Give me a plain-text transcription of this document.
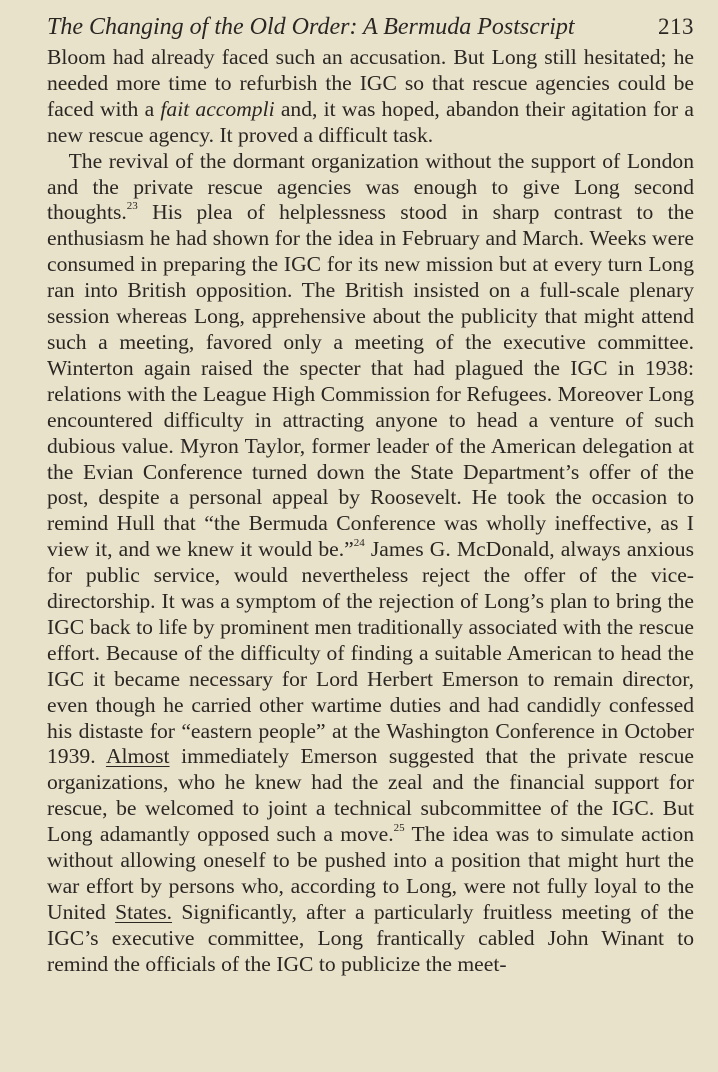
The Changing of the Old Order: A Bermuda Postscript	213

Bloom had already faced such an accusation. But Long still hesitated; he needed more time to refurbish the IGC so that rescue agencies could be faced with a fait accompli and, it was hoped, abandon their agitation for a new rescue agency. It proved a difficult task.

The revival of the dormant organization without the support of London and the private rescue agencies was enough to give Long second thoughts.$^{23}$ His plea of helplessness stood in sharp contrast to the enthusiasm he had shown for the idea in February and March. Weeks were consumed in preparing the IGC for its new mission but at every turn Long ran into British opposition. The British insisted on a full-scale plenary session whereas Long, apprehensive about the publicity that might attend such a meeting, favored only a meeting of the executive committee. Winterton again raised the specter that had plagued the IGC in 1938: relations with the League High Commission for Refugees. Moreover Long encountered difficulty in attracting anyone to head a venture of such dubious value. Myron Taylor, former leader of the American delegation at the Evian Conference turned down the State Department’s offer of the post, despite a personal appeal by Roosevelt. He took the occasion to remind Hull that “the Bermuda Conference was wholly ineffective, as I view it, and we knew it would be.”$^{24}$ James G. McDonald, always anxious for public service, would nevertheless reject the offer of the vice-directorship. It was a symptom of the rejection of Long’s plan to bring the IGC back to life by prominent men traditionally associated with the rescue effort. Because of the difficulty of finding a suitable American to head the IGC it became necessary for Lord Herbert Emerson to remain director, even though he carried other wartime duties and had candidly confessed his distaste for “eastern people” at the Washington Conference in October 1939. Almost immediately Emerson suggested that the private rescue organizations, who he knew had the zeal and the financial support for rescue, be welcomed to joint a technical subcommittee of the IGC. But Long adamantly opposed such a move.$^{25}$ The idea was to simulate action without allowing oneself to be pushed into a position that might hurt the war effort by persons who, according to Long, were not fully loyal to the United States. Significantly, after a particularly fruitless meeting of the IGC’s executive committee, Long frantically cabled John Winant to remind the officials of the IGC to publicize the meet-
